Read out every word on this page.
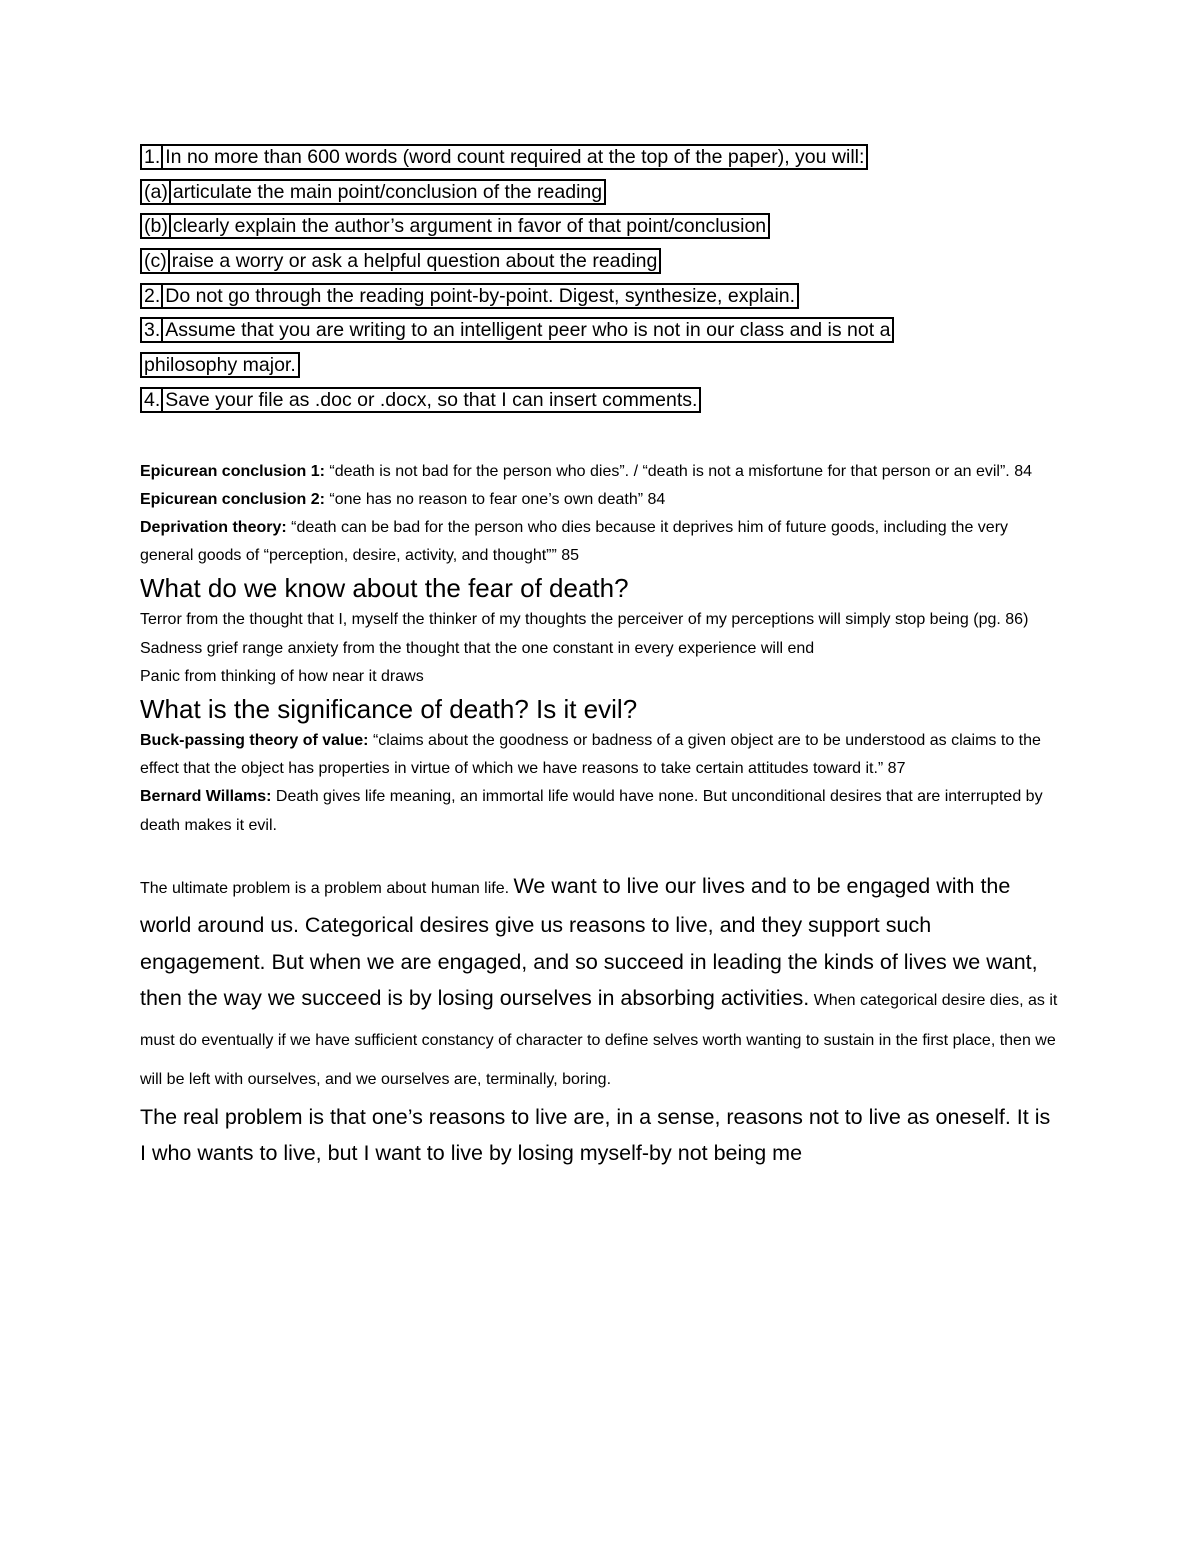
1. In no more than 600 words (word count required at the top of the paper), you will:
(a) articulate the main point/conclusion of the reading
(b) clearly explain the author’s argument in favor of that point/conclusion
(c) raise a worry or ask a helpful question about the reading
2. Do not go through the reading point-by-point. Digest, synthesize, explain.
3. Assume that you are writing to an intelligent peer who is not in our class and is not a
philosophy major.
4. Save your file as .doc or .docx, so that I can insert comments.
Epicurean conclusion 1: “death is not bad for the person who dies”. / “death is not a misfortune for that person or an evil”. 84
Epicurean conclusion 2: “one has no reason to fear one’s own death” 84
Deprivation theory: “death can be bad for the person who dies because it deprives him of future goods, including the very general goods of “perception, desire, activity, and thought”” 85
What do we know about the fear of death?
Terror from the thought that I, myself the thinker of my thoughts the perceiver of my perceptions will simply stop being (pg. 86)
Sadness grief range anxiety from the thought that the one constant in every experience will end
Panic from thinking of how near it draws
What is the significance of death? Is it evil?
Buck-passing theory of value: “claims about the goodness or badness of a given object are to be understood as claims to the effect that the object has properties in virtue of which we have reasons to take certain attitudes toward it.” 87
Bernard Willams: Death gives life meaning, an immortal life would have none. But unconditional desires that are interrupted by death makes it evil.
The ultimate problem is a problem about human life. We want to live our lives and to be engaged with the world around us. Categorical desires give us reasons to live, and they support such engagement. But when we are engaged, and so succeed in leading the kinds of lives we want, then the way we succeed is by losing ourselves in absorbing activities. When categorical desire dies, as it must do eventually if we have sufficient constancy of character to define selves worth wanting to sustain in the first place, then we will be left with ourselves, and we ourselves are, terminally, boring.
The real problem is that one’s reasons to live are, in a sense, reasons not to live as oneself. It is I who wants to live, but I want to live by losing myself-by not being me
